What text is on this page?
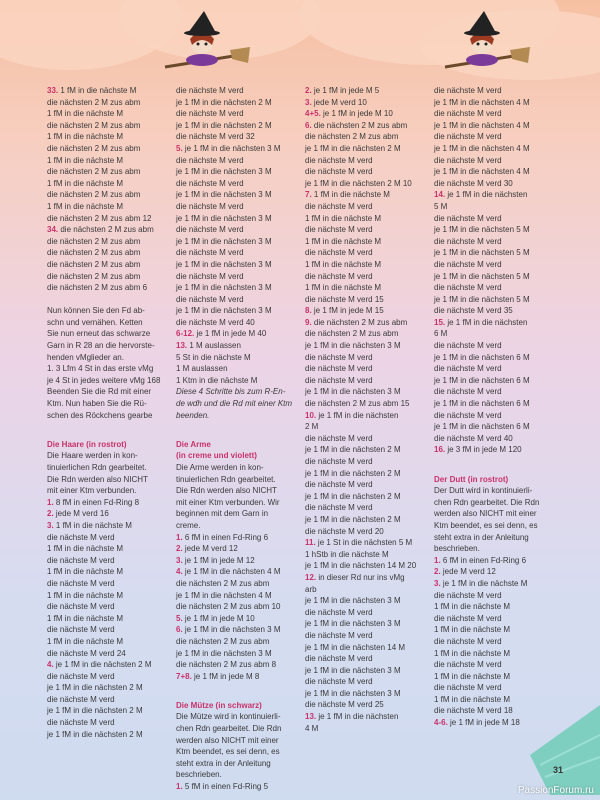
33. 1 fM in die nächste M
die nächsten 2 M zus abm
1 fM in die nächste M
die nächsten 2 M zus abm
1 fM in die nächste M
die nächsten 2 M zus abm
1 fM in die nächste M
die nächsten 2 M zus abm
1 fM in die nächste M
die nächsten 2 M zus abm
1 fM in die nächste M
die nächsten 2 M zus abm 12
34. die nächsten 2 M zus abm
die nächsten 2 M zus abm
die nächsten 2 M zus abm
die nächsten 2 M zus abm
die nächsten 2 M zus abm
die nächsten 2 M zus abm 6
Nun können Sie den Fd ab-
schn und vernähen. Ketten
Sie nun erneut das schwarze
Garn in R 28 an die hervorste-
henden vMglieder an.
1. 3 Lfm 4 St in das erste vMg
je 4 St in jedes weitere vMg 168
Beenden Sie die Rd mit einer
Ktm. Nun haben Sie die Rü-
schen des Röckchens gearbe
Die Haare (in rostrot)
Die Haare werden in kon-
tinuierlichen Rdn gearbeitet.
Die Rdn werden also NICHT
mit einer Ktm verbunden.
1. 8 fM in einen Fd-Ring 8
2. jede M verd 16
3. 1 fM in die nächste M
die nächste M verd
1 fM in die nächste M
die nächste M verd
1 fM in die nächste M
die nächste M verd
1 fM in die nächste M
die nächste M verd
1 fM in die nächste M
die nächste M verd
1 fM in die nächste M
die nächste M verd 24
4. je 1 fM in die nächsten 2 M
die nächste M verd
je 1 fM in die nächsten 2 M
die nächste M verd
je 1 fM in die nächsten 2 M
die nächste M verd
je 1 fM in die nächsten 2 M
die nächste M verd
je 1 fM in die nächsten 2 M
die nächste M verd
je 1 fM in die nächsten 2 M
die nächste M verd 32
5. je 1 fM in die nächsten 3 M
die nächste M verd
je 1 fM in die nächsten 3 M
die nächste M verd
je 1 fM in die nächsten 3 M
die nächste M verd
je 1 fM in die nächsten 3 M
die nächste M verd
je 1 fM in die nächsten 3 M
die nächste M verd
je 1 fM in die nächsten 3 M
die nächste M verd
je 1 fM in die nächsten 3 M
die nächste M verd
je 1 fM in die nächsten 3 M
die nächste M verd 40
6-12. je 1 fM in jede M 40
13. 1 M auslassen
5 St in die nächste M
1 M auslassen
1 Ktm in die nächste M
Diese 4 Schritte bis zum R-En-
de wdh und die Rd mit einer Ktm
beenden.
Die Arme
(in creme und violett)
Die Arme werden in kon-
tinuierlichen Rdn gearbeitet.
Die Rdn werden also NICHT
mit einer Ktm verbunden. Wir
beginnen mit dem Garn in
creme.
1. 6 fM in einen Fd-Ring 6
2. jede M verd 12
3. je 1 fM in jede M 12
4. je 1 fM in die nächsten 4 M
die nächsten 2 M zus abm
je 1 fM in die nächsten 4 M
die nächsten 2 M zus abm 10
5. je 1 fM in jede M 10
6. je 1 fM in die nächsten 3 M
die nächsten 2 M zus abm
je 1 fM in die nächsten 3 M
die nächsten 2 M zus abm 8
7+8. je 1 fM in jede M 8
Die Mütze (in schwarz)
Die Mütze wird in kontinuierli-
chen Rdn gearbeitet. Die Rdn
werden also NICHT mit einer
Ktm beendet, es sei denn, es
steht extra in der Anleitung
beschrieben.
1. 5 fM in einen Fd-Ring 5
2. je 1 fM in jede M 5
3. jede M verd 10
4+5. je 1 fM in jede M 10
6. die nächsten 2 M zus abm
die nächsten 2 M zus abm
je 1 fM in die nächsten 2 M
die nächste M verd
die nächste M verd
je 1 fM in die nächsten 2 M 10
7. 1 fM in die nächste M
die nächste M verd
1 fM in die nächste M
die nächste M verd
1 fM in die nächste M
die nächste M verd
1 fM in die nächste M
die nächste M verd
1 fM in die nächste M
die nächste M verd 15
8. je 1 fM in jede M 15
9. die nächsten 2 M zus abm
die nächsten 2 M zus abm
je 1 fM in die nächsten 3 M
die nächste M verd
die nächste M verd
die nächste M verd
je 1 fM in die nächsten 3 M
die nächsten 2 M zus abm 15
10. je 1 fM in die nächsten
2 M
die nächste M verd
je 1 fM in die nächsten 2 M
die nächste M verd
je 1 fM in die nächsten 2 M
die nächste M verd
je 1 fM in die nächsten 2 M
die nächste M verd
je 1 fM in die nächsten 2 M
die nächste M verd 20
11. je 1 St in die nächsten 5 M
1 hStb in die nächste M
je 1 fM in die nächsten 14 M 20
12. in dieser Rd nur ins vMg
arb
je 1 fM in die nächsten 3 M
die nächste M verd
je 1 fM in die nächsten 3 M
die nächste M verd
je 1 fM in die nächsten 14 M
die nächste M verd
je 1 fM in die nächsten 3 M
die nächste M verd
je 1 fM in die nächsten 3 M
die nächste M verd 25
13. je 1 fM in die nächsten
4 M
die nächste M verd
je 1 fM in die nächsten 4 M
die nächste M verd
je 1 fM in die nächsten 4 M
die nächste M verd
je 1 fM in die nächsten 4 M
die nächste M verd
je 1 fM in die nächsten 4 M
die nächste M verd 30
14. je 1 fM in die nächsten
5 M
die nächste M verd
je 1 fM in die nächsten 5 M
die nächste M verd
je 1 fM in die nächsten 5 M
die nächste M verd
je 1 fM in die nächsten 5 M
die nächste M verd
je 1 fM in die nächsten 5 M
die nächste M verd 35
15. je 1 fM in die nächsten
6 M
die nächste M verd
je 1 fM in die nächsten 6 M
die nächste M verd
je 1 fM in die nächsten 6 M
die nächste M verd
je 1 fM in die nächsten 6 M
die nächste M verd
je 1 fM in die nächsten 6 M
die nächste M verd 40
16. je 3 fM in jede M 120
Der Dutt (in rostrot)
Der Dutt wird in kontinuierli-
chen Rdn gearbeitet. Die Rdn
werden also NICHT mit einer
Ktm beendet, es sei denn, es
steht extra in der Anleitung
beschrieben.
1. 6 fM in einen Fd-Ring 6
2. jede M verd 12
3. je 1 fM in die nächste M
die nächste M verd
1 fM in die nächste M
die nächste M verd
1 fM in die nächste M
die nächste M verd
1 fM in die nächste M
die nächste M verd
1 fM in die nächste M
die nächste M verd
1 fM in die nächste M
die nächste M verd 18
4-6. je 1 fM in jede M 18
31
PassionForum.ru
